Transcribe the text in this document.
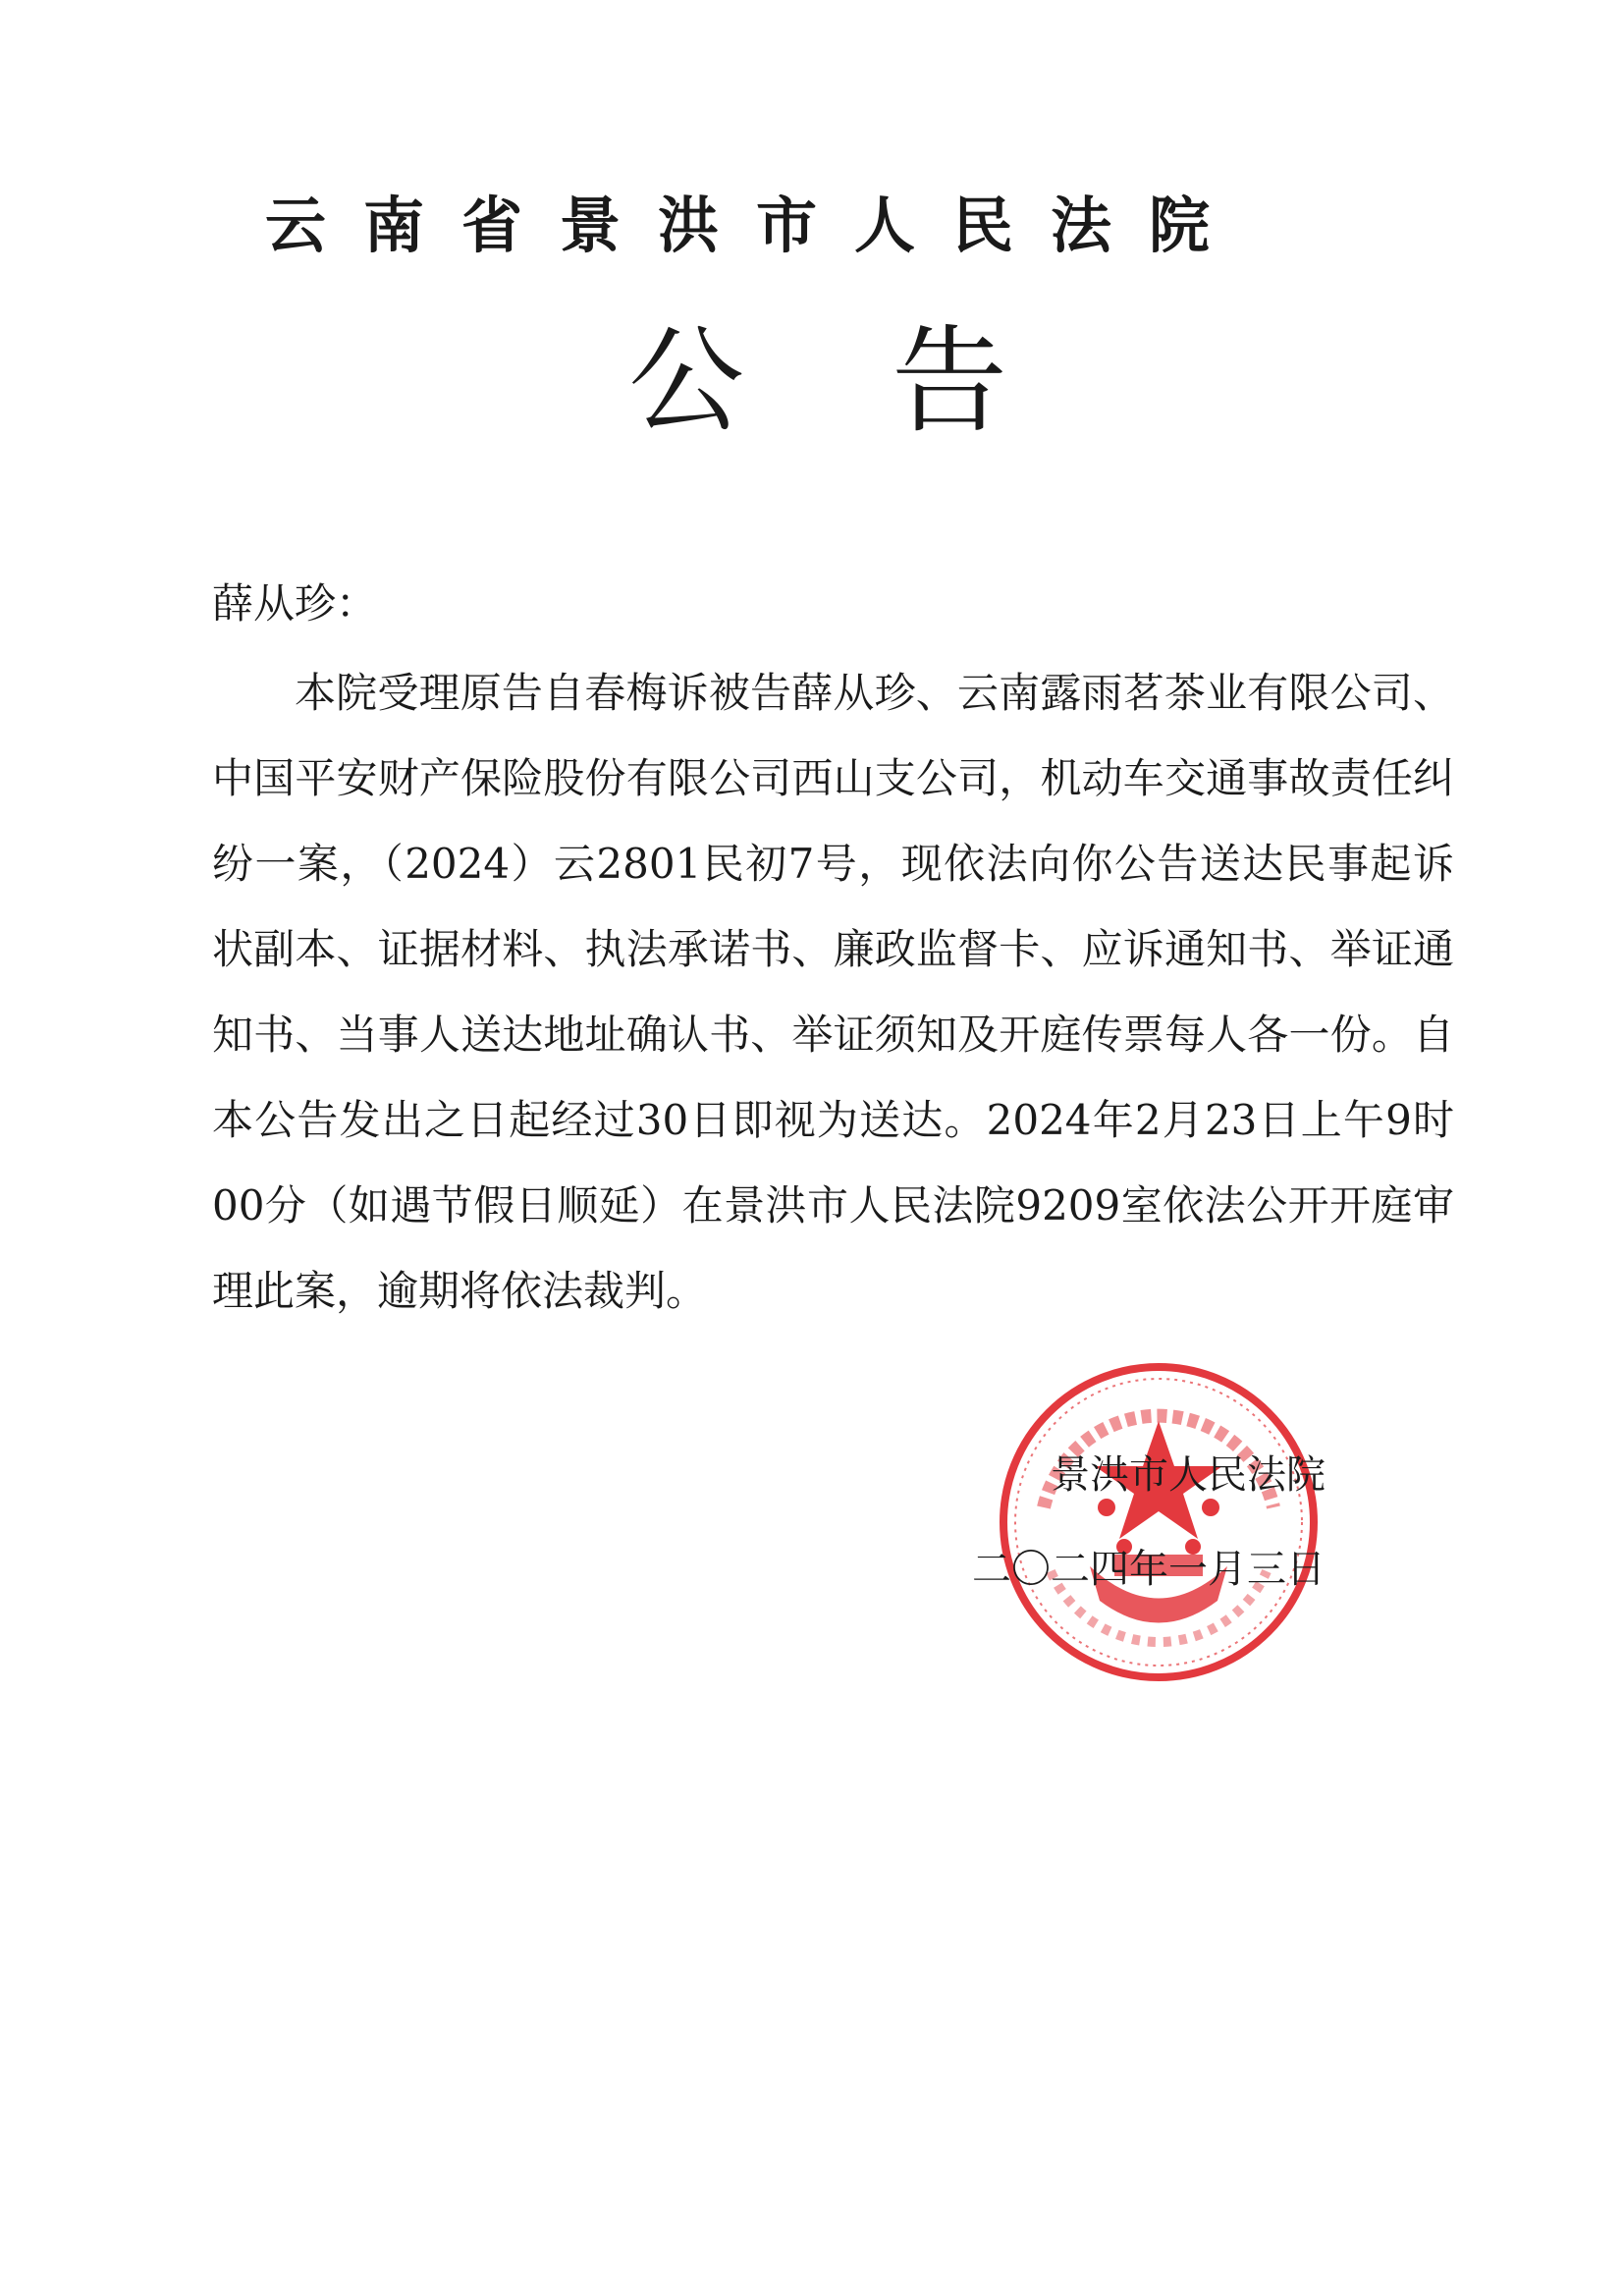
云南省景洪市人民法院
公告
薛从珍：
本院受理原告自春梅诉被告薛从珍、云南露雨茗茶业有限公司、中国平安财产保险股份有限公司西山支公司，机动车交通事故责任纠纷一案，（2024）云2801民初7号，现依法向你公告送达民事起诉状副本、证据材料、执法承诺书、廉政监督卡、应诉通知书、举证通知书、当事人送达地址确认书、举证须知及开庭传票每人各一份。自本公告发出之日起经过30日即视为送达。2024年2月23日上午9时00分（如遇节假日顺延）在景洪市人民法院9209室依法公开开庭审理此案，逾期将依法裁判。
景洪市人民法院
二〇二四年一月三日
